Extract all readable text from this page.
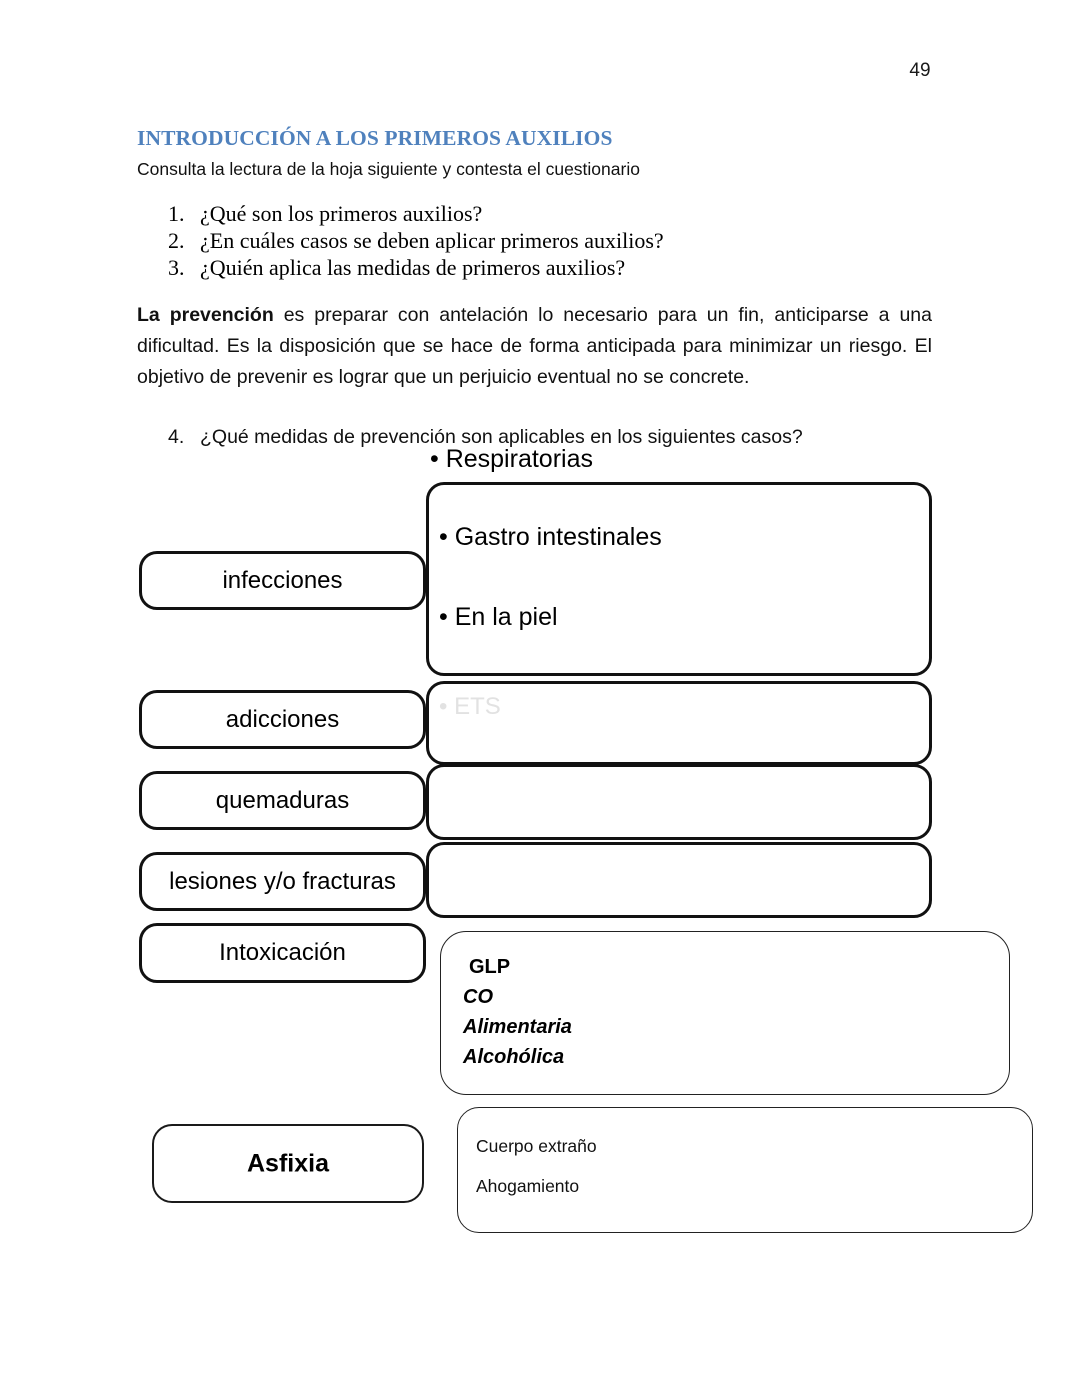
49
INTRODUCCIÓN A LOS PRIMEROS AUXILIOS
Consulta la lectura de la hoja siguiente y contesta el cuestionario
1. ¿Qué son los primeros auxilios?
2. ¿En cuáles casos se deben aplicar primeros auxilios?
3. ¿Quién aplica las medidas de primeros auxilios?
La prevención es preparar con antelación lo necesario para un fin, anticiparse a una dificultad. Es la disposición que se hace de forma anticipada para minimizar un riesgo. El objetivo de prevenir es lograr que un perjuicio eventual no se concrete.
4. ¿Qué medidas de prevención son aplicables en los siguientes casos?
• Respiratorias
• Gastro intestinales
• En la piel
• ETS
GLP
CO
Alimentaria
Alcohólica
Cuerpo extraño
Ahogamiento
infecciones
adicciones
quemaduras
lesiones y/o fracturas
Intoxicación
Asfixia
